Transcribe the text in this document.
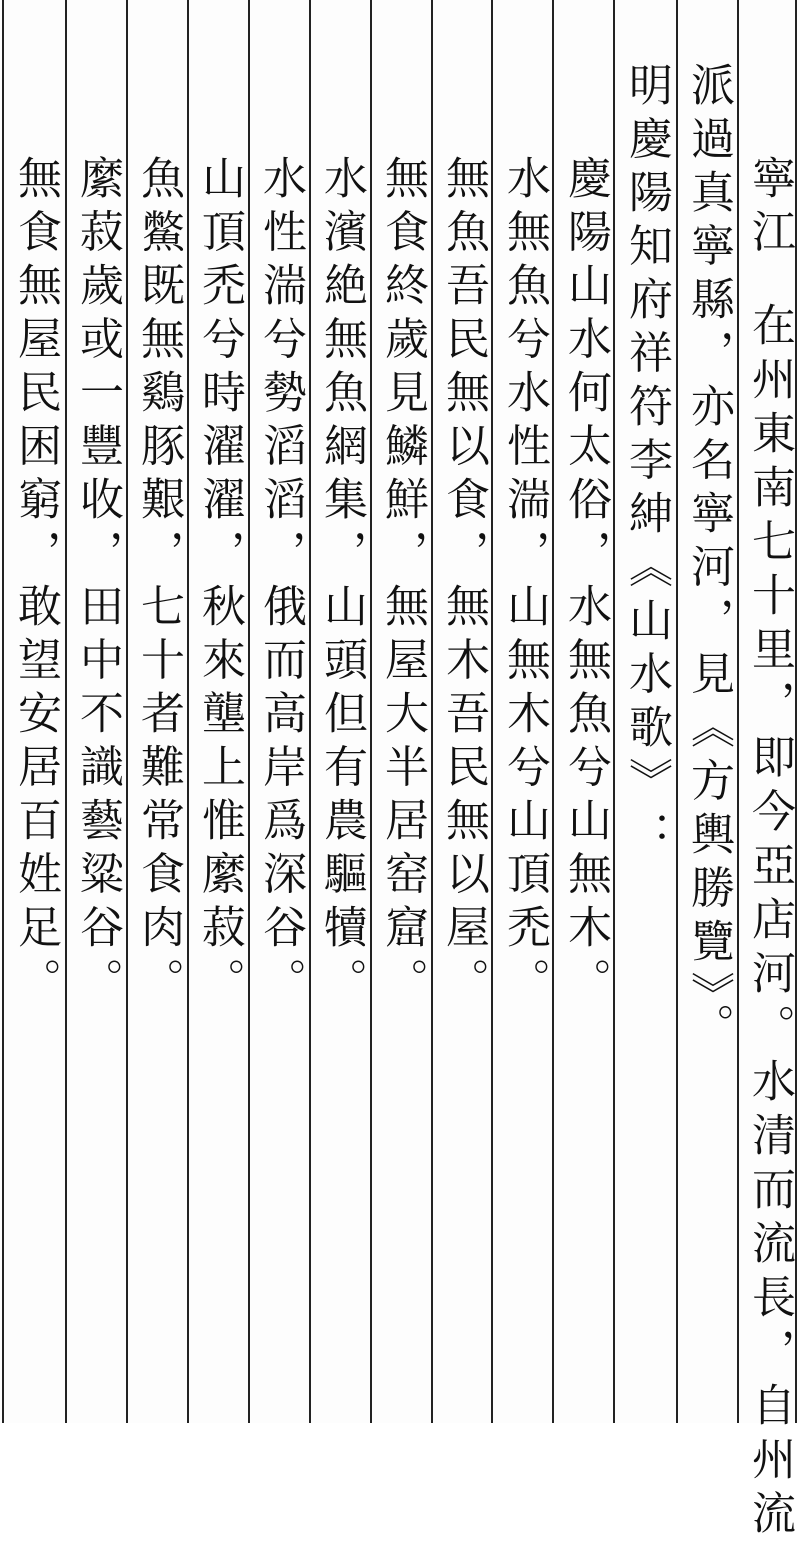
寧江
在州東南七十里，即今亞店河。水清而流長，自州流
派過真寧縣，亦名寧河，見《方輿勝覽》。
明慶陽知府祥符李紳《山水歌》：
慶陽山水何太俗，水無魚兮山無木。
水無魚兮水性湍，山無木兮山頂禿。
無魚吾民無以食，無木吾民無以屋。
無食終歲見鱗鮮，無屋大半居窑窟。
水濱絶無魚網集，山頭但有農驅犢。
水性湍兮勢滔滔，俄而高岸爲深谷。
山頂禿兮時濯濯，秋來壟上惟縻菽。
魚鱉既無鷄豚艱，七十者難常食肉。
縻菽歲或一豐收，田中不識藝粱谷。
無食無屋民困窮，敢望安居百姓足。
